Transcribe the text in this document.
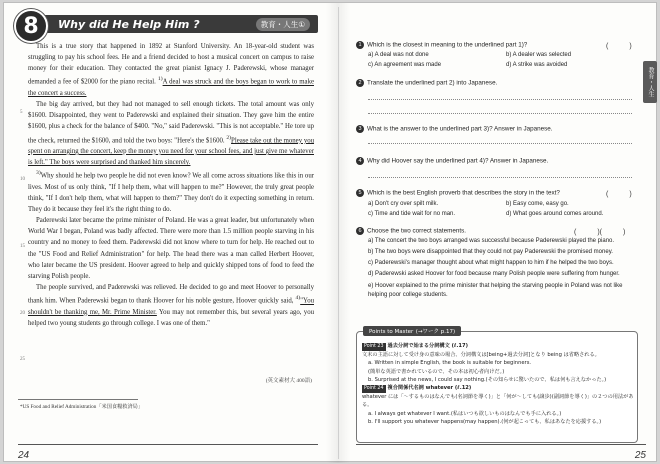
8	Why did He Help Him ?	教育・人生①
5
10
15
20
25

This is a true story that happened in 1892 at Stanford University. An 18-year-old student was struggling to pay his school fees. He and a friend decided to host a musical concert on campus to raise money for their education. They contacted the great pianist Ignacy J. Paderewski, whose manager demanded a fee of $2000 for the piano recital. $^{1)}$A deal was struck and the boys began to work to make the concert a success.

The big day arrived, but they had not managed to sell enough tickets. The total amount was only $1600. Disappointed, they went to Paderewski and explained their situation. They gave him the entire $1600, plus a check for the balance of $400. "No," said Paderewski. "This is not acceptable." He tore up the check, returned the $1600, and told the two boys: "Here's the $1600. $^{2)}$Please take out the money you spent on arranging the concert, keep the money you need for your school fees, and just give me whatever is left." The boys were surprised and thanked him sincerely.

$^{3)}$Why should he help two people he did not even know? We all come across situations like this in our lives. Most of us only think, "If I help them, what will happen to me?" However, the truly great people think, "If I don't help them, what will happen to them?" They don't do it expecting something in return. They do it because they feel it's the right thing to do.

Paderewski later became the prime minister of Poland. He was a great leader, but unfortunately when World War I began, Poland was badly affected. There were more than 1.5 million people starving in his country and no money to feed them. Paderewski did not know where to turn for help. He reached out to the "US Food and Relief Administration" for help. The head there was a man called Herbert Hoover, who later became the US president. Hoover agreed to help and quickly shipped tons of food to feed the starving Polish people.

The people survived, and Paderewski was relieved. He decided to go and meet Hoover to personally thank him. When Paderewski began to thank Hoover for his noble gesture, Hoover quickly said, $^{4)}$"You shouldn't be thanking me, Mr. Prime Minister. You may not remember this, but several years ago, you helped two young students go through college. I was one of them."

(英文素材大 400語)
*US Food and Relief Administration「米国食糧救済局」
24
教育・人生
1 Which is the closest in meaning to the underlined part 1)?	(　　　)
a) A deal was not done	b) A dealer was selected
c) An agreement was made	d) A strike was avoided
2 Translate the underlined part 2) into Japanese.
3 What is the answer to the underlined part 3)? Answer in Japanese.
4 Why did Hoover say the underlined part 4)? Answer in Japanese.
5 Which is the best English proverb that describes the story in the text?	(　　　)
a) Don't cry over spilt milk.	b) Easy come, easy go.
c) Time and tide wait for no man.	d) What goes around comes around.
6 Choose the two correct statements.	(　　　)(　　　)
a) The concert the two boys arranged was successful because Paderewski played the piano.
b) The two boys were disappointed that they could not pay Paderewski the promised money.
c) Paderewski's manager thought about what might happen to him if he helped the two boys.
d) Paderewski asked Hoover for food because many Polish people were suffering from hunger.
e) Hoover explained to the prime minister that helping the starving people in Poland was not like helping poor college students.
Points to Master (→ワーク p.17)
Point 23 過去分詞で始まる分詞構文 (ℓ.17)
文末の主語に対して受け身の意味の場合、分詞構文は[being+過去分詞]となり being は省略される。
a. Written in simple English, the book is suitable for beginners.
(簡単な英語で書かれているので、その本は初心者向けだ。)
b. Surprised at the news, I could say nothing.(その知らせに驚いたので、私は何も言えなかった。)
Point 24 複合関係代名詞 whatever (ℓ.12)
whatever には「～するものはなんでも(名詞節を導く)」と「何が～しても(譲歩)(副詞節を導く)」の２つの用法がある。
a. I always get whatever I want.(私はいつも欲しいものはなんでも手に入れる。)
b. I'll support you whatever happens(may happen).(何が起こっても、私はあなたを応援する。)
25
